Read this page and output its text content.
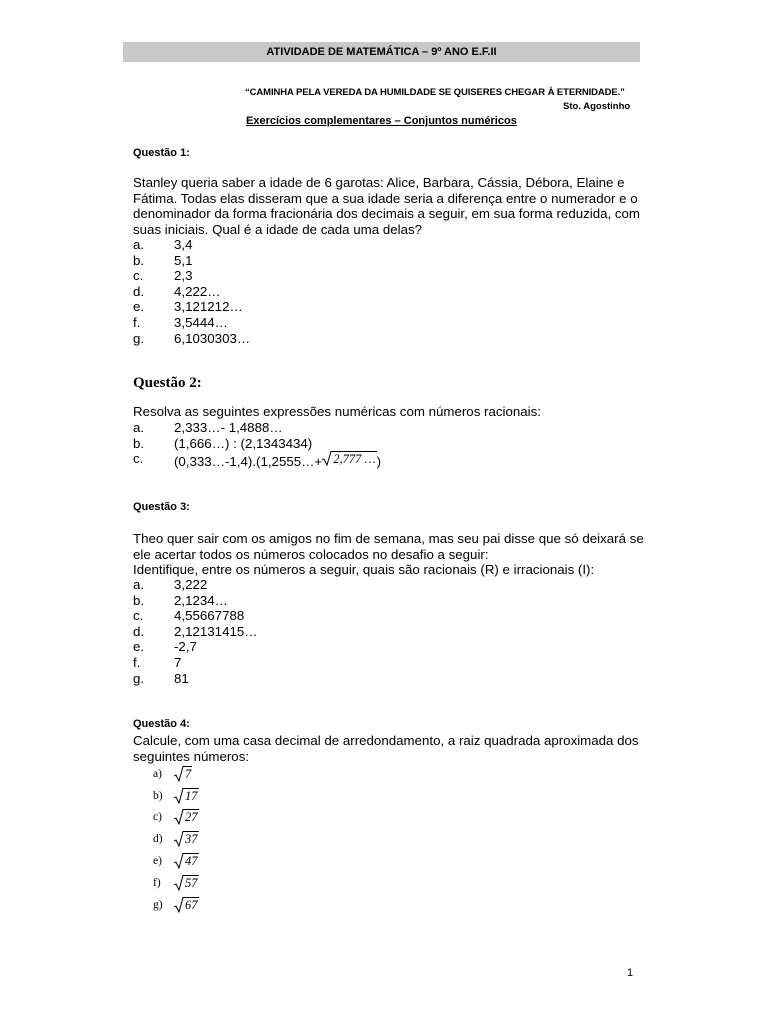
ATIVIDADE DE MATEMÁTICA – 9º ANO E.F.II
“CAMINHA PELA VEREDA DA HUMILDADE SE QUISERES CHEGAR À ETERNIDADE.”
Sto. Agostinho
Exercícios complementares – Conjuntos numéricos
Questão 1:
Stanley queria saber a idade de 6 garotas: Alice, Barbara, Cássia, Débora, Elaine e
Fátima. Todas elas disseram que a sua idade seria a diferença entre o numerador e o
denominador da forma fracionária dos decimais a seguir, em sua forma reduzida, com
suas iniciais. Qual é a idade de cada uma delas?
a.	3,4
b.	5,1
c.	2,3
d.	4,222…
e.	3,121212…
f.	3,5444…
g.	6,1030303…
Questão 2:
Resolva as seguintes expressões numéricas com números racionais:
a.	2,333…- 1,4888…
b.	(1,666…) : (2,1343434)
c.	(0,333…-1,4).(1,2555…+ 2,777 … )
Questão 3:
Theo quer sair com os amigos no fim de semana, mas seu pai disse que só deixará se
ele acertar todos os números colocados no desafio a seguir:
Identifique, entre os números a seguir, quais são racionais (R) e irracionais (I):
a.	3,222
b.	2,1234…
c.	4,55667788
d.	2,12131415…
e.	-2,7
f.	7
g.	81
Questão 4:
Calcule, com uma casa decimal de arredondamento, a raiz quadrada aproximada dos
seguintes números:
a)	7
b)	17
c)	27
d)	37
e)	47
f)	57
g)	67
1
